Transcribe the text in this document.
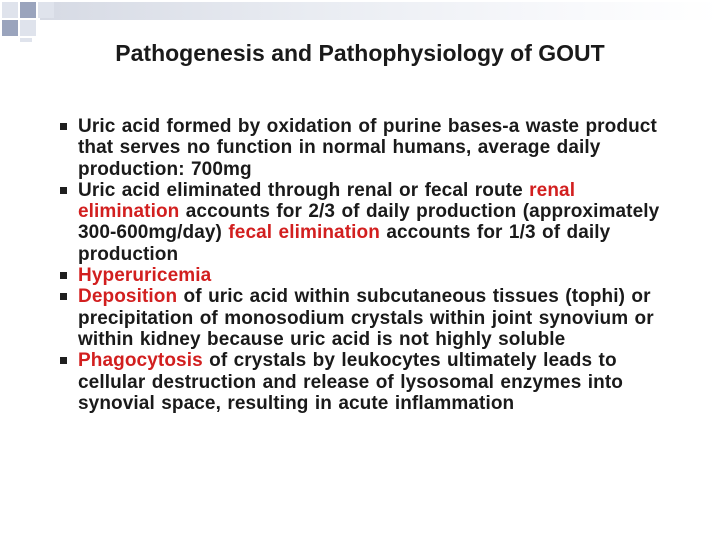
Pathogenesis and Pathophysiology of GOUT
Uric acid formed by oxidation of purine bases-a waste product that serves no function in normal humans, average daily production: 700mg
Uric acid eliminated through renal or fecal route renal elimination accounts for 2/3 of daily production (approximately 300-600mg/day) fecal elimination accounts for 1/3 of daily production
Hyperuricemia
Deposition of uric acid within subcutaneous tissues (tophi) or precipitation of monosodium crystals within joint synovium or within kidney because uric acid is not highly soluble
Phagocytosis of crystals by leukocytes ultimately leads to cellular destruction and release of lysosomal enzymes into synovial space, resulting in acute inflammation
